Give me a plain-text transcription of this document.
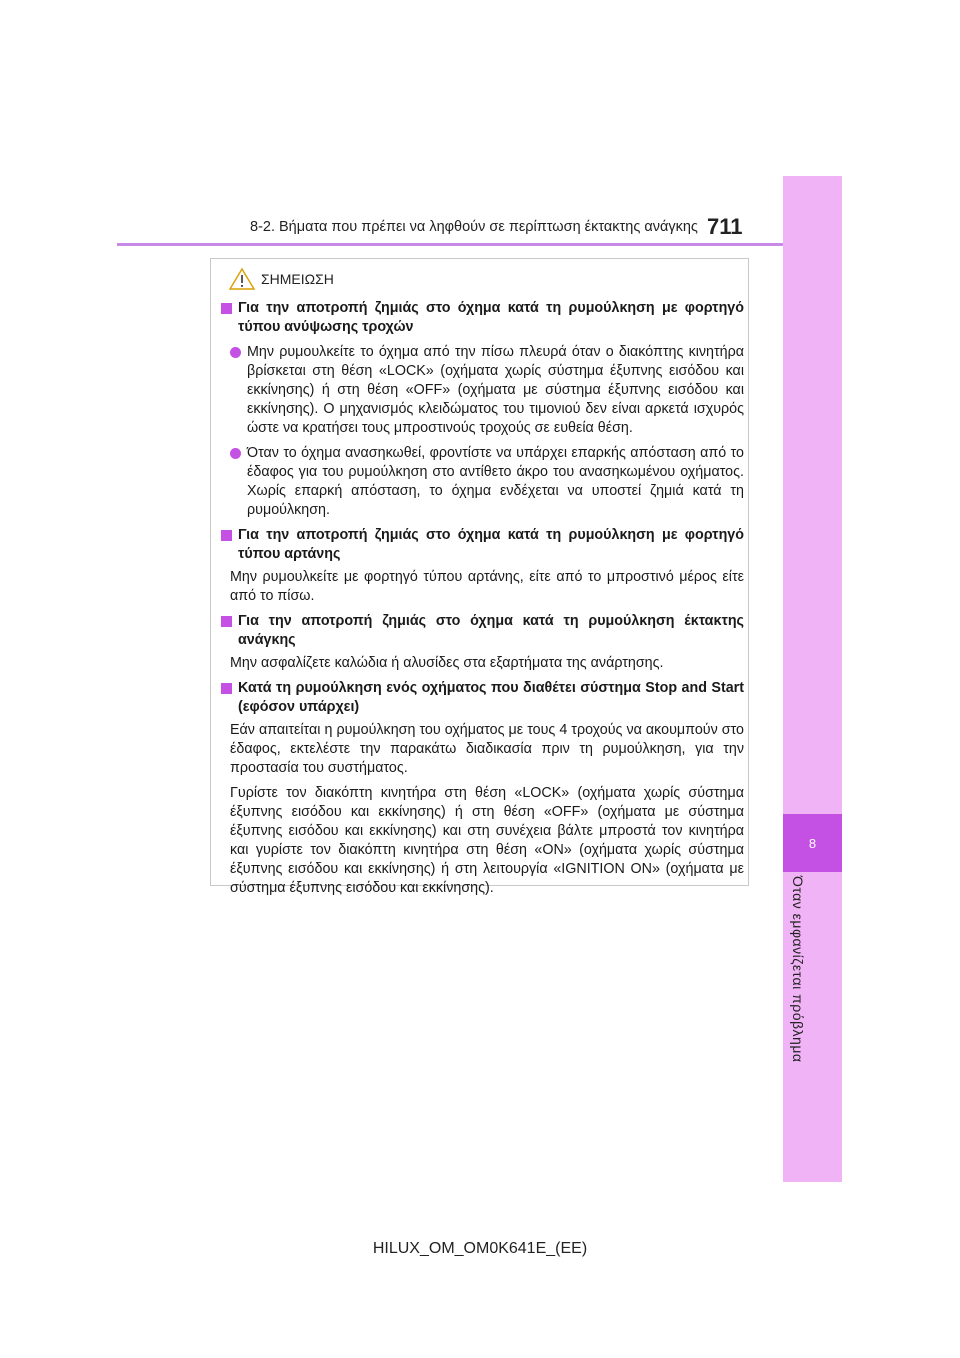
8-2. Βήματα που πρέπει να ληφθούν σε περίπτωση έκτακτης ανάγκης 711
8
Όταν εμφανίζεται πρόβλημα
ΣΗΜΕΙΩΣΗ
Για την αποτροπή ζημιάς στο όχημα κατά τη ρυμούλκηση με φορτηγό τύπου ανύψωσης τροχών
Μην ρυμουλκείτε το όχημα από την πίσω πλευρά όταν ο διακόπτης κινητήρα βρίσκεται στη θέση «LOCK» (οχήματα χωρίς σύστημα έξυπνης εισόδου και εκκίνησης) ή στη θέση «OFF» (οχήματα με σύστημα έξυπνης εισόδου και εκκίνησης). Ο μηχανισμός κλειδώματος του τιμονιού δεν είναι αρκετά ισχυρός ώστε να κρατήσει τους μπροστινούς τροχούς σε ευθεία θέση.
Όταν το όχημα ανασηκωθεί, φροντίστε να υπάρχει επαρκής απόσταση από το έδαφος για του ρυμούλκηση στο αντίθετο άκρο του ανασηκωμένου οχήματος. Χωρίς επαρκή απόσταση, το όχημα ενδέχεται να υποστεί ζημιά κατά τη ρυμούλκηση.
Για την αποτροπή ζημιάς στο όχημα κατά τη ρυμούλκηση με φορτηγό τύπου αρτάνης
Μην ρυμουλκείτε με φορτηγό τύπου αρτάνης, είτε από το μπροστινό μέρος είτε από το πίσω.
Για την αποτροπή ζημιάς στο όχημα κατά τη ρυμούλκηση έκτακτης ανάγκης
Μην ασφαλίζετε καλώδια ή αλυσίδες στα εξαρτήματα της ανάρτησης.
Κατά τη ρυμούλκηση ενός οχήματος που διαθέτει σύστημα Stop and Start (εφόσον υπάρχει)
Εάν απαιτείται η ρυμούλκηση του οχήματος με τους 4 τροχούς να ακουμπούν στο έδαφος, εκτελέστε την παρακάτω διαδικασία πριν τη ρυμούλκηση, για την προστασία του συστήματος.
Γυρίστε τον διακόπτη κινητήρα στη θέση «LOCK» (οχήματα χωρίς σύστημα έξυπνης εισόδου και εκκίνησης) ή στη θέση «OFF» (οχήματα με σύστημα έξυπνης εισόδου και εκκίνησης) και στη συνέχεια βάλτε μπροστά τον κινητήρα και γυρίστε τον διακόπτη κινητήρα στη θέση «ON» (οχήματα χωρίς σύστημα έξυπνης εισόδου και εκκίνησης) ή στη λειτουργία «IGNITION ON» (οχήματα με σύστημα έξυπνης εισόδου και εκκίνησης).
HILUX_OM_OM0K641E_(EE)
